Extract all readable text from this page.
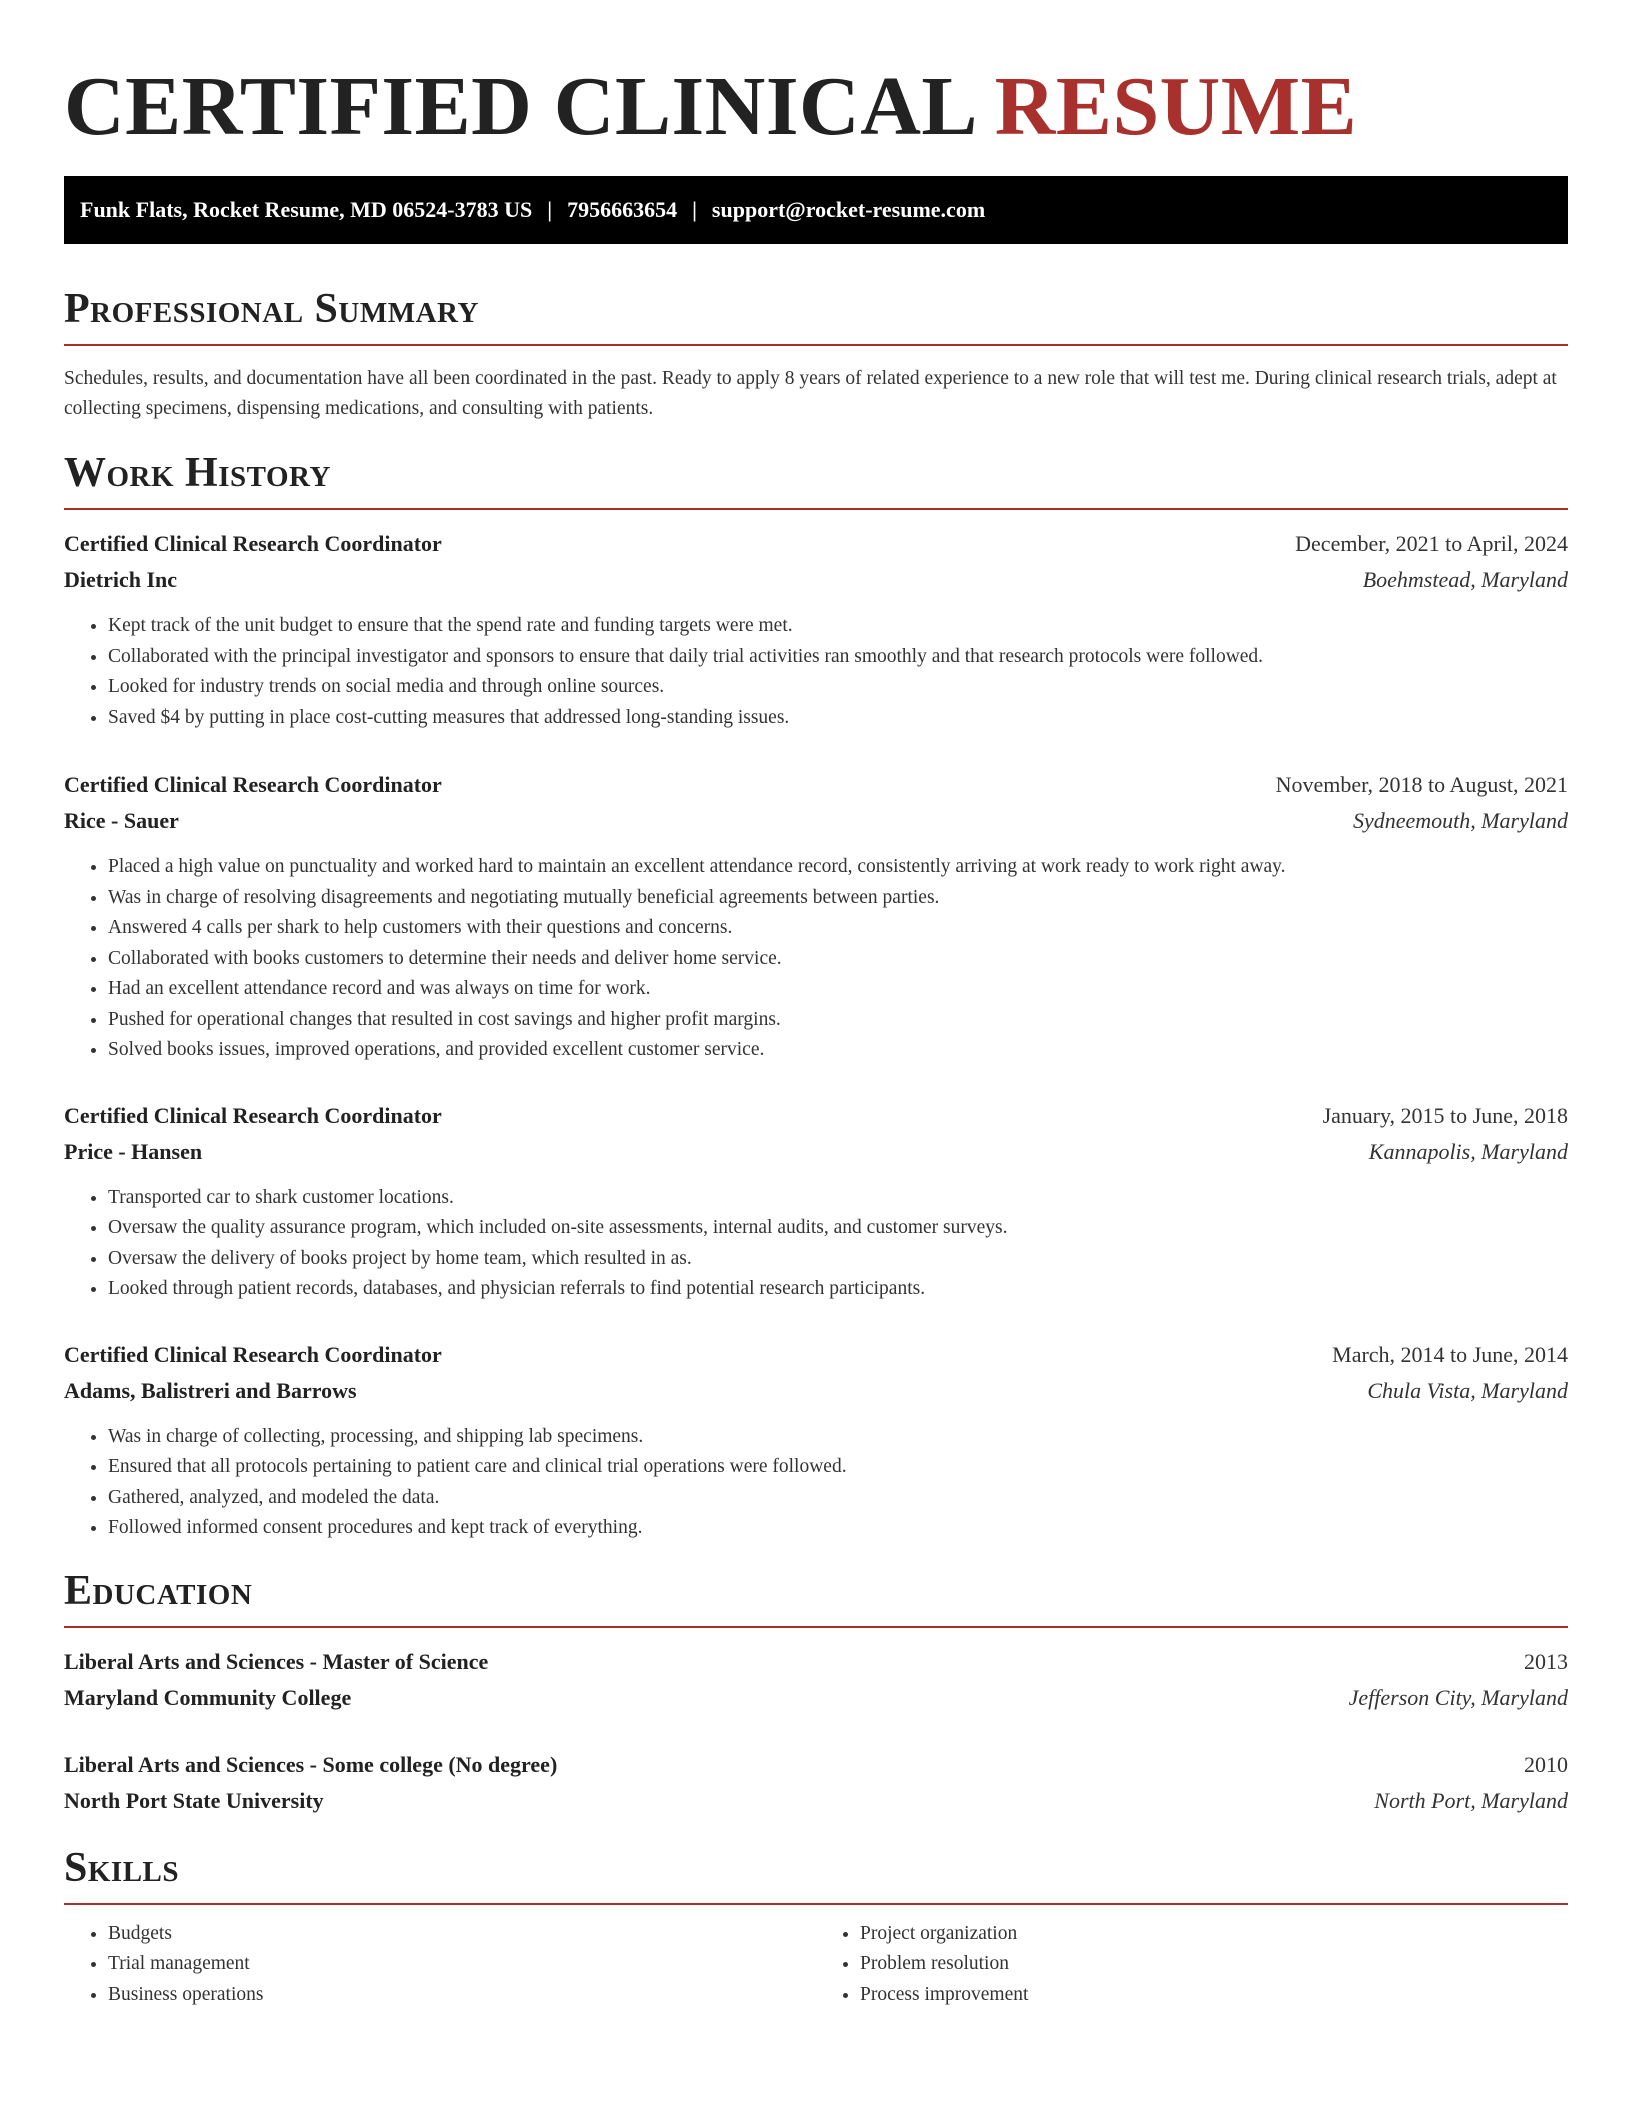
CERTIFIED CLINICAL RESUME
Funk Flats, Rocket Resume, MD 06524-3783 US | 7956663654 | support@rocket-resume.com
Professional Summary

Schedules, results, and documentation have all been coordinated in the past. Ready to apply 8 years of related experience to a new role that will test me. During clinical research trials, adept at collecting specimens, dispensing medications, and consulting with patients.

Work History
Certified Clinical Research Coordinator	December, 2021 to April, 2024
Dietrich Inc	Boehmstead, Maryland
• Kept track of the unit budget to ensure that the spend rate and funding targets were met.
• Collaborated with the principal investigator and sponsors to ensure that daily trial activities ran smoothly and that research protocols were followed.
• Looked for industry trends on social media and through online sources.
• Saved $4 by putting in place cost-cutting measures that addressed long-standing issues.
Certified Clinical Research Coordinator	November, 2018 to August, 2021
Rice - Sauer	Sydneemouth, Maryland
• Placed a high value on punctuality and worked hard to maintain an excellent attendance record, consistently arriving at work ready to work right away.
• Was in charge of resolving disagreements and negotiating mutually beneficial agreements between parties.
• Answered 4 calls per shark to help customers with their questions and concerns.
• Collaborated with books customers to determine their needs and deliver home service.
• Had an excellent attendance record and was always on time for work.
• Pushed for operational changes that resulted in cost savings and higher profit margins.
• Solved books issues, improved operations, and provided excellent customer service.
Certified Clinical Research Coordinator	January, 2015 to June, 2018
Price - Hansen	Kannapolis, Maryland
• Transported car to shark customer locations.
• Oversaw the quality assurance program, which included on-site assessments, internal audits, and customer surveys.
• Oversaw the delivery of books project by home team, which resulted in as.
• Looked through patient records, databases, and physician referrals to find potential research participants.
Certified Clinical Research Coordinator	March, 2014 to June, 2014
Adams, Balistreri and Barrows	Chula Vista, Maryland
• Was in charge of collecting, processing, and shipping lab specimens.
• Ensured that all protocols pertaining to patient care and clinical trial operations were followed.
• Gathered, analyzed, and modeled the data.
• Followed informed consent procedures and kept track of everything.
Education
Liberal Arts and Sciences - Master of Science	2013
Maryland Community College	Jefferson City, Maryland
Liberal Arts and Sciences - Some college (No degree)	2010
North Port State University	North Port, Maryland
Skills
• Budgets
• Trial management
• Business operations
• Project organization
• Problem resolution
• Process improvement
